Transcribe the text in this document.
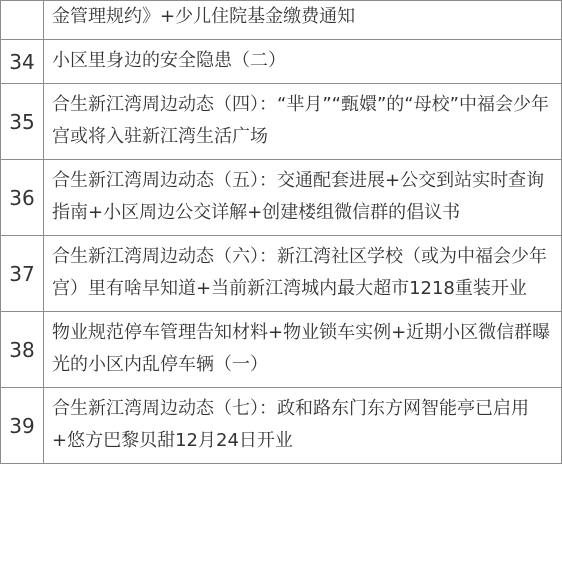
	金管理规约》+少儿住院基金缴费通知
34	小区里身边的安全隐患（二）
35	合生新江湾周边动态（四）：“芈月”“甄嬛”的“母校”中福会少年宫或将入驻新江湾生活广场
36	合生新江湾周边动态（五）：交通配套进展+公交到站实时查询指南+小区周边公交详解+创建楼组微信群的倡议书
37	合生新江湾周边动态（六）：新江湾社区学校（或为中福会少年宫）里有啥早知道+当前新江湾城内最大超市1218重装开业
38	物业规范停车管理告知材料+物业锁车实例+近期小区微信群曝光的小区内乱停车辆（一）
39	合生新江湾周边动态（七）：政和路东门东方网智能亭已启用+悠方巴黎贝甜12月24日开业
